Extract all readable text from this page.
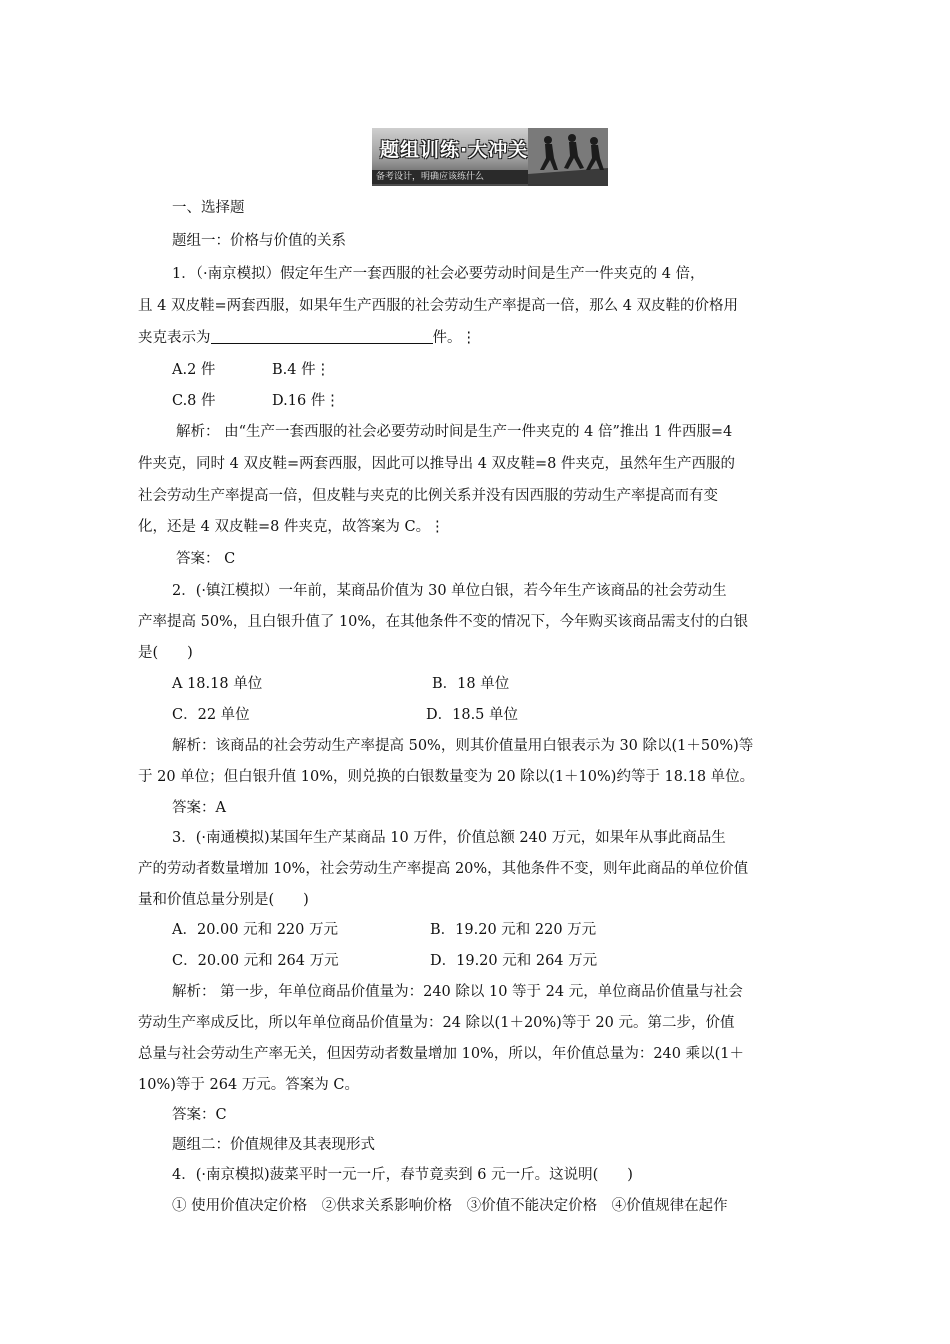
题组训练·大冲关
备考设计，明确应该练什么
一、选择题
题组一：价格与价值的关系
1．（·南京模拟）假定年生产一套西服的社会必要劳动时间是生产一件夹克的 4 倍，
且 4 双皮鞋=两套西服，如果年生产西服的社会劳动生产率提高一倍，那么 4 双皮鞋的价格用
夹克表示为	件。⋮
A.2 件	B.4 件⋮
C.8 件	D.16 件⋮
解析： 由“生产一套西服的社会必要劳动时间是生产一件夹克的 4 倍”推出 1 件西服=4
件夹克，同时 4 双皮鞋=两套西服，因此可以推导出 4 双皮鞋=8 件夹克，虽然年生产西服的
社会劳动生产率提高一倍，但皮鞋与夹克的比例关系并没有因西服的劳动生产率提高而有变
化，还是 4 双皮鞋=8 件夹克，故答案为 C。⋮
答案： C
2．(·镇江模拟）一年前，某商品价值为 30 单位白银，若今年生产该商品的社会劳动生
产率提高 50%，且白银升值了 10%，在其他条件不变的情况下，今年购买该商品需支付的白银
是(　　)
A 18.18 单位	B．18 单位
C．22 单位	D．18.5 单位
解析：该商品的社会劳动生产率提高 50%，则其价值量用白银表示为 30 除以(1＋50%)等
于 20 单位；但白银升值 10%，则兑换的白银数量变为 20 除以(1＋10%)约等于 18.18 单位。
答案：A
3．(·南通模拟)某国年生产某商品 10 万件，价值总额 240 万元，如果年从事此商品生
产的劳动者数量增加 10%，社会劳动生产率提高 20%，其他条件不变，则年此商品的单位价值
量和价值总量分别是(　　)
A．20.00 元和 220 万元	B．19.20 元和 220 万元
C．20.00 元和 264 万元	D．19.20 元和 264 万元
解析： 第一步，年单位商品价值量为：240 除以 10 等于 24 元，单位商品价值量与社会
劳动生产率成反比，所以年单位商品价值量为：24 除以(1＋20%)等于 20 元。第二步，价值
总量与社会劳动生产率无关，但因劳动者数量增加 10%，所以，年价值总量为：240 乘以(1＋
10%)等于 264 万元。答案为 C。
答案：C
题组二：价值规律及其表现形式
4．(·南京模拟)菠菜平时一元一斤，春节竟卖到 6 元一斤。这说明(　　)
① 使用价值决定价格　②供求关系影响价格　③价值不能决定价格　④价值规律在起作
